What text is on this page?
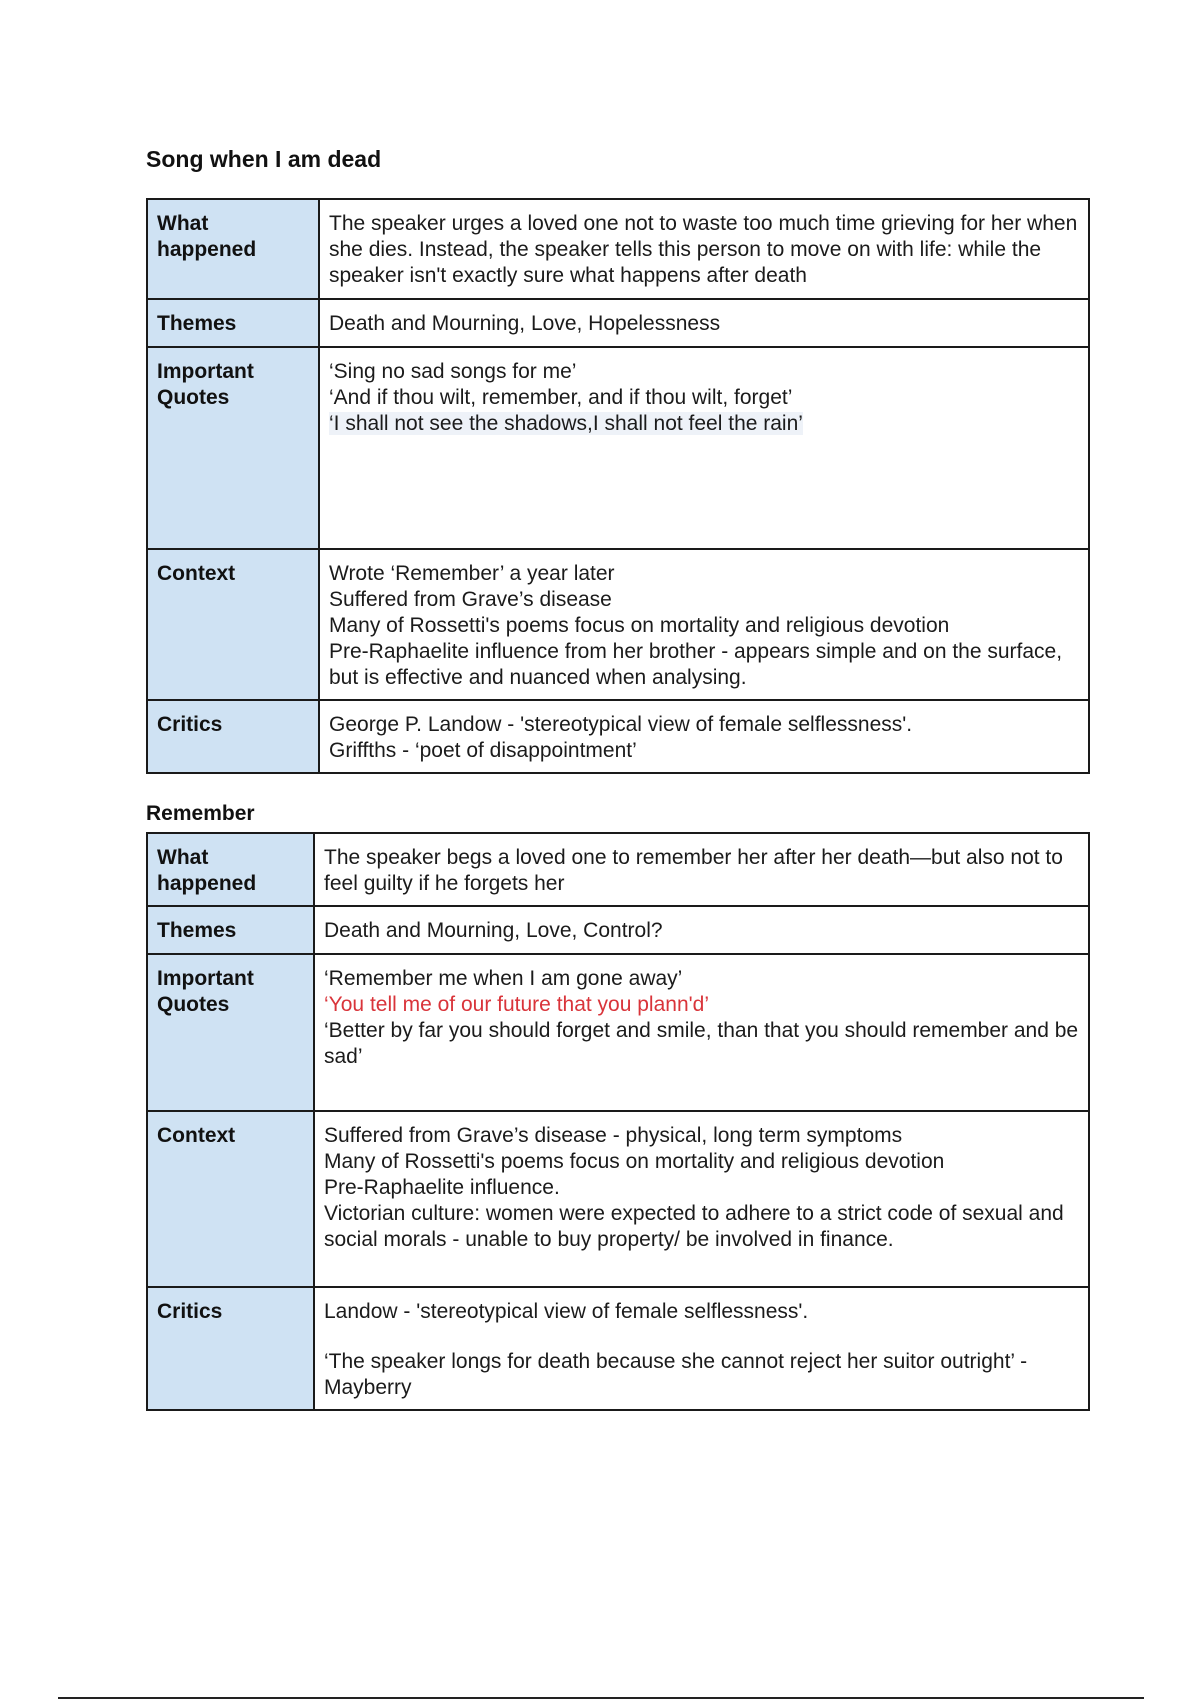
Song when I am dead
What happened	The speaker urges a loved one not to waste too much time grieving for her when she dies. Instead, the speaker tells this person to move on with life: while the speaker isn't exactly sure what happens after death
Themes	Death and Mourning, Love, Hopelessness
Important Quotes	‘Sing no sad songs for me’
‘And if thou wilt, remember, and if thou wilt, forget’
‘I shall not see the shadows,I shall not feel the rain’

Context	Wrote ‘Remember’ a year later
Suffered from Grave’s disease
Many of Rossetti's poems focus on mortality and religious devotion
Pre-Raphaelite influence from her brother - appears simple and on the surface, but is effective and nuanced when analysing.

Critics	George P. Landow - 'stereotypical view of female selflessness'.
Griffths - ‘poet of disappointment’
Remember
What happened	The speaker begs a loved one to remember her after her death—but also not to feel guilty if he forgets her
Themes	Death and Mourning, Love, Control?
Important Quotes	‘Remember me when I am gone away’
‘You tell me of our future that you plann'd’
‘Better by far you should forget and smile, than that you should remember and be sad’

Context	Suffered from Grave’s disease - physical, long term symptoms
Many of Rossetti's poems focus on mortality and religious devotion
Pre-Raphaelite influence.
Victorian culture: women were expected to adhere to a strict code of sexual and social morals - unable to buy property/ be involved in finance.

Critics	Landow - 'stereotypical view of female selflessness'.
‘The speaker longs for death because she cannot reject her suitor outright’ - Mayberry
